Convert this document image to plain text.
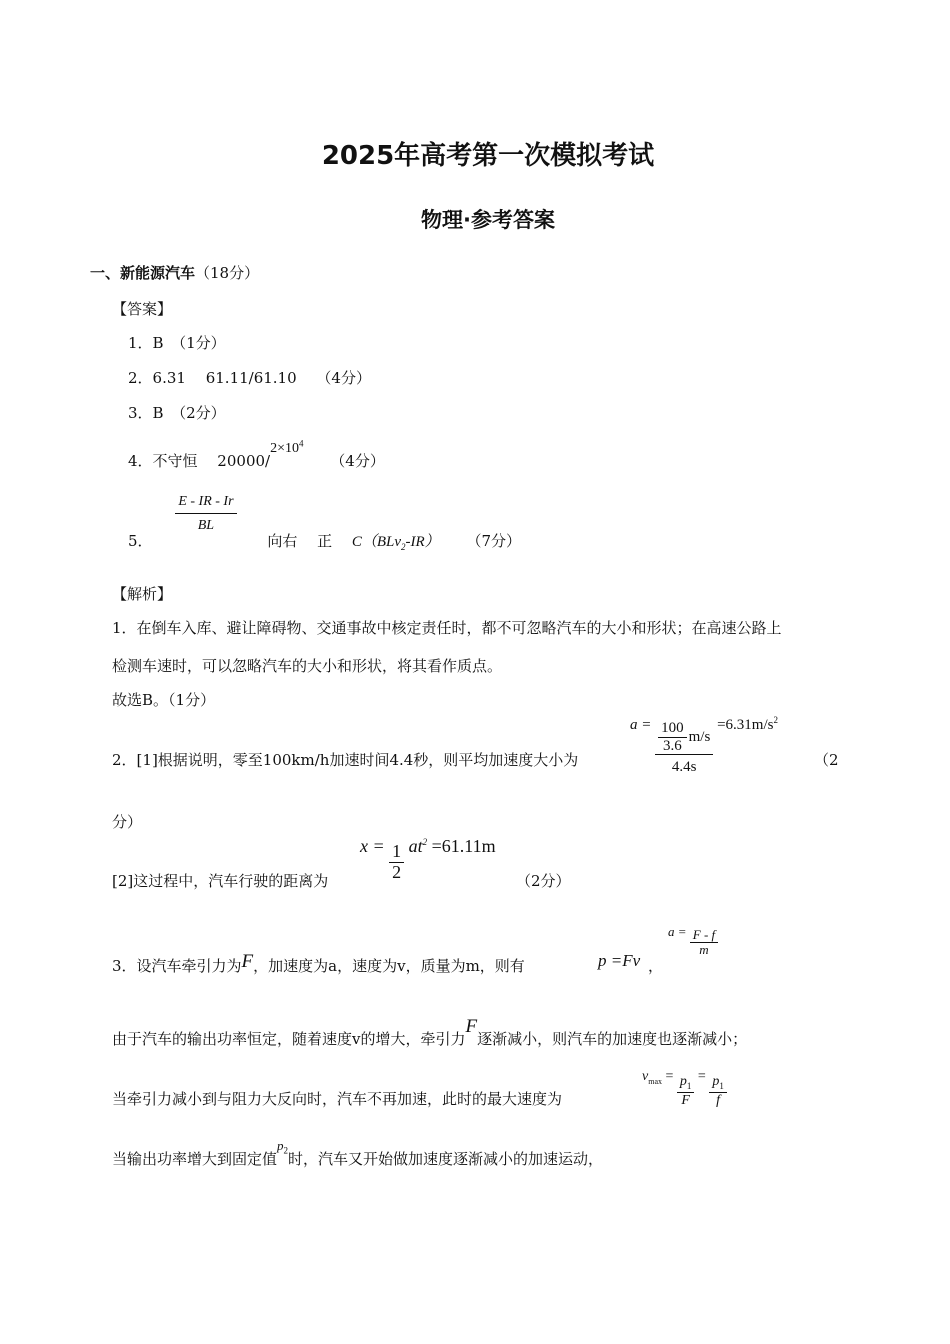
2025年高考第一次模拟考试
物理·参考答案
一、新能源汽车（18分）
【答案】
1．B　（1分）
2．6.31　 61.11/61.10　 （4分）
3．B　（2分）
4．不守恒　 $20000/2\times 10^4$ （4分）
5．
$\frac{E - IR - Ir}{BL}$
向右　 正　 C（BLv$_2$-IR） （7分）
【解析】
1．在倒车入库、避让障碍物、交通事故中核定责任时，都不可忽略汽车的大小和形状；在高速公路上
检测车速时，可以忽略汽车的大小和形状，将其看作质点。
故选B。（1分）
2．[1]根据说明，零至100km/h加速时间4.4秒，则平均加速度大小为
$a = \frac{\frac{100}{3.6} m/s}{4.4s} =6.31m/s^2$
（2
分）
[2]这过程中，汽车行驶的距离为
$x = \frac{1}{2} at^2 =61.11m$
（2分）
3．设汽车牵引力为F，加速度为a，速度为v，质量为m，则有	p =Fv ，
$a = \frac{F - f}{m}$
由于汽车的输出功率恒定，随着速度v的增大，牵引力F逐渐减小，则汽车的加速度也逐渐减小；
当牵引力减小到与阻力大反向时，汽车不再加速，此时的最大速度为
$v_{max} = \frac{p_1}{F} = \frac{p_1}{f}$
当输出功率增大到固定值$p_2$时，汽车又开始做加速度逐渐减小的加速运动，
